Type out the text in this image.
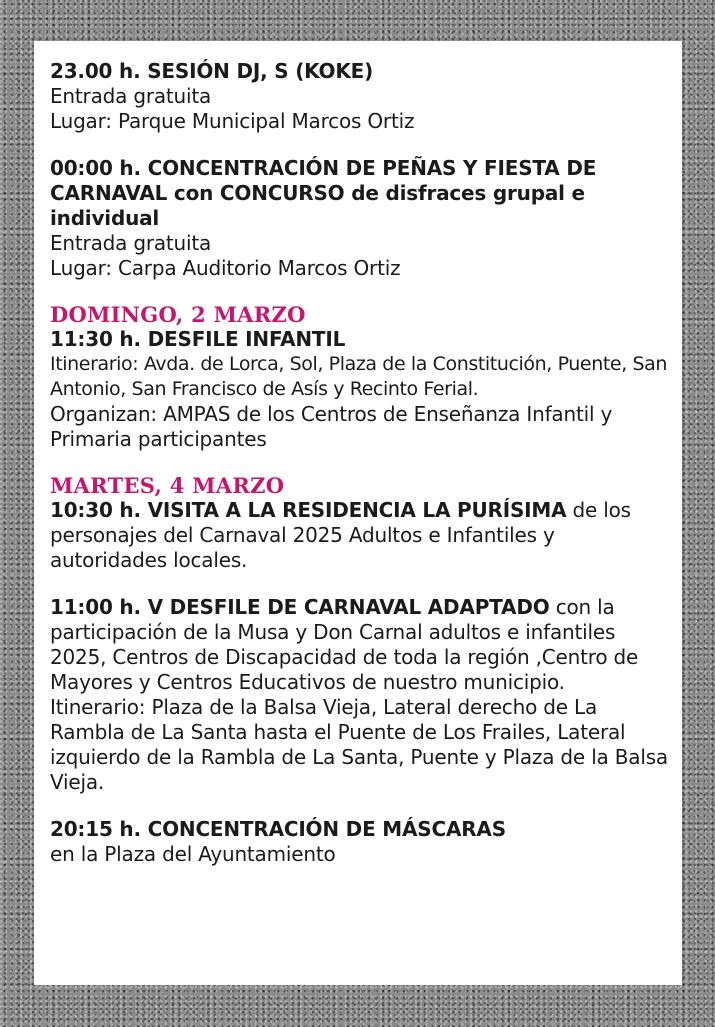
23.00 h. SESIÓN DJ, S (KOKE)

Entrada gratuita

Lugar: Parque Municipal Marcos Ortiz

00:00 h. CONCENTRACIÓN DE PEÑAS Y FIESTA DE CARNAVAL con CONCURSO de disfraces grupal e individual

Entrada gratuita

Lugar: Carpa Auditorio Marcos Ortiz

DOMINGO, 2 MARZO

11:30 h. DESFILE INFANTIL

Itinerario: Avda. de Lorca, Sol, Plaza de la Constitución, Puente, San Antonio, San Francisco de Asís y Recinto Ferial.

Organizan: AMPAS de los Centros de Enseñanza Infantil y Primaria participantes

MARTES, 4 MARZO

10:30 h. VISITA A LA RESIDENCIA LA PURÍSIMA de los personajes del Carnaval 2025 Adultos e Infantiles y autoridades locales.

11:00 h. V DESFILE DE CARNAVAL ADAPTADO con la participación de la Musa y Don Carnal adultos e infantiles 2025, Centros de Discapacidad de toda la región ,Centro de Mayores y Centros Educativos de nuestro municipio.

Itinerario: Plaza de la Balsa Vieja, Lateral derecho de La Rambla de La Santa hasta el Puente de Los Frailes, Lateral izquierdo de la Rambla de La Santa, Puente y Plaza de la Balsa Vieja.

20:15 h. CONCENTRACIÓN DE MÁSCARAS

en la Plaza del Ayuntamiento
